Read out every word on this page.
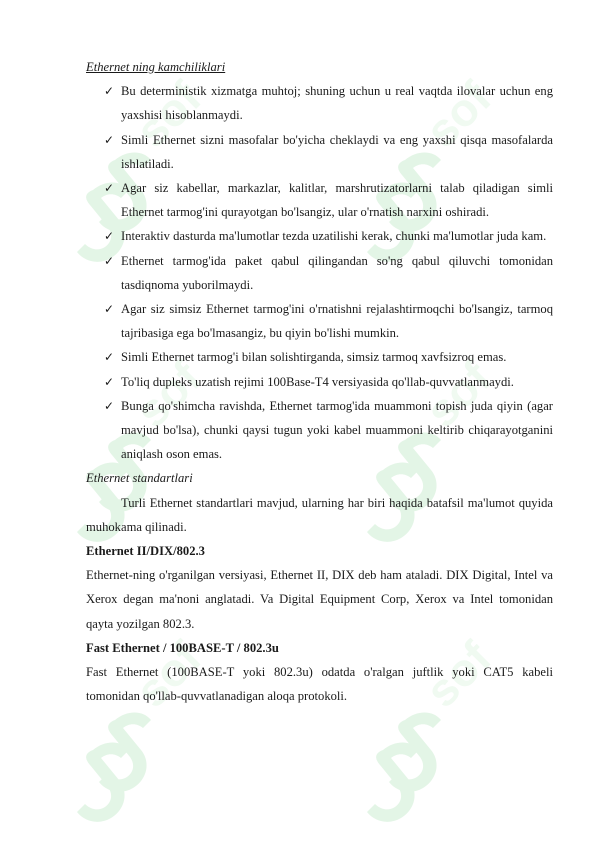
Ethernet ning kamchiliklari
✓ Bu deterministik xizmatga muhtoj; shuning uchun u real vaqtda ilovalar uchun eng yaxshisi hisoblanmaydi.
✓ Simli Ethernet sizni masofalar bo'yicha cheklaydi va eng yaxshi qisqa masofalarda ishlatiladi.
✓ Agar siz kabellar, markazlar, kalitlar, marshrutizatorlarni talab qiladigan simli Ethernet tarmog'ini qurayotgan bo'lsangiz, ular o'rnatish narxini oshiradi.
✓ Interaktiv dasturda ma'lumotlar tezda uzatilishi kerak, chunki ma'lumotlar juda kam.
✓ Ethernet tarmog'ida paket qabul qilingandan so'ng qabul qiluvchi tomonidan tasdiqnoma yuborilmaydi.
✓ Agar siz simsiz Ethernet tarmog'ini o'rnatishni rejalashtirmoqchi bo'lsangiz, tarmoq tajribasiga ega bo'lmasangiz, bu qiyin bo'lishi mumkin.
✓ Simli Ethernet tarmog'i bilan solishtirganda, simsiz tarmoq xavfsizroq emas.
✓ To'liq dupleks uzatish rejimi 100Base-T4 versiyasida qo'llab-quvvatlanmaydi.
✓ Bunga qo'shimcha ravishda, Ethernet tarmog'ida muammoni topish juda qiyin (agar mavjud bo'lsa), chunki qaysi tugun yoki kabel muammoni keltirib chiqarayotganini aniqlash oson emas.
Ethernet standartlari

Turli Ethernet standartlari mavjud, ularning har biri haqida batafsil ma'lumot quyida muhokama qilinadi.

Ethernet II/DIX/802.3

Ethernet-ning o'rganilgan versiyasi, Ethernet II, DIX deb ham ataladi. DIX Digital, Intel va Xerox degan ma'noni anglatadi. Va Digital Equipment Corp, Xerox va Intel tomonidan qayta yozilgan 802.3.

Fast Ethernet / 100BASE-T / 802.3u

Fast Ethernet (100BASE-T yoki 802.3u) odatda o'ralgan juftlik yoki CAT5 kabeli tomonidan qo'llab-quvvatlanadigan aloqa protokoli.
